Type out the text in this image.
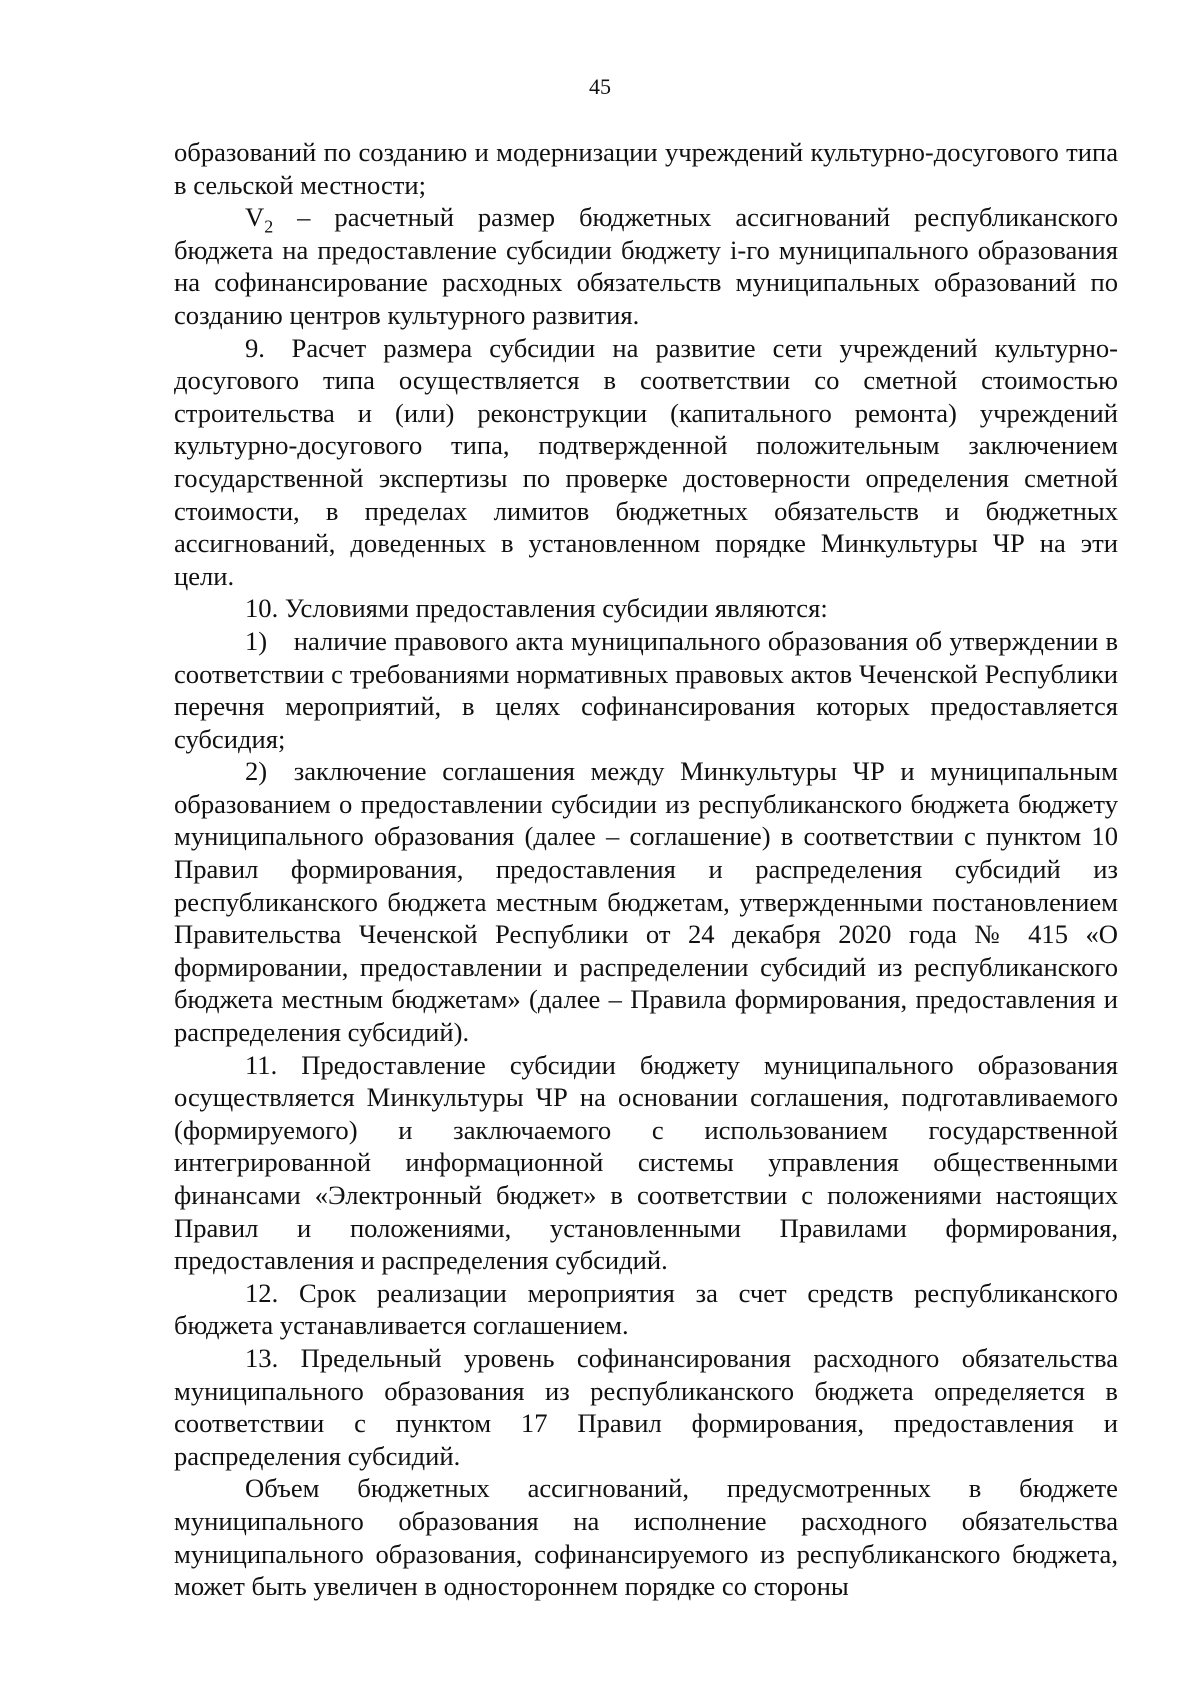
45

образований по созданию и модернизации учреждений культурно-досугового типа в сельской местности;

$V_2$ – расчетный размер бюджетных ассигнований республиканского бюджета на предоставление субсидии бюджету i-го муниципального образования на софинансирование расходных обязательств муниципальных образований по созданию центров культурного развития.

9. Расчет размера субсидии на развитие сети учреждений культурно-досугового типа осуществляется в соответствии со сметной стоимостью строительства и (или) реконструкции (капитального ремонта) учреждений культурно-досугового типа, подтвержденной положительным заключением государственной экспертизы по проверке достоверности определения сметной стоимости, в пределах лимитов бюджетных обязательств и бюджетных ассигнований, доведенных в установленном порядке Минкультуры ЧР на эти цели.

10. Условиями предоставления субсидии являются:

1) наличие правового акта муниципального образования об утверждении в соответствии с требованиями нормативных правовых актов Чеченской Республики перечня мероприятий, в целях софинансирования которых предоставляется субсидия;

2) заключение соглашения между Минкультуры ЧР и муниципальным образованием о предоставлении субсидии из республиканского бюджета бюджету муниципального образования (далее – соглашение) в соответствии с пунктом 10 Правил формирования, предоставления и распределения субсидий из республиканского бюджета местным бюджетам, утвержденными постановлением Правительства Чеченской Республики от 24 декабря 2020 года № 415 «О формировании, предоставлении и распределении субсидий из республиканского бюджета местным бюджетам» (далее – Правила формирования, предоставления и распределения субсидий).

11. Предоставление субсидии бюджету муниципального образования осуществляется Минкультуры ЧР на основании соглашения, подготавливаемого (формируемого) и заключаемого с использованием государственной интегрированной информационной системы управления общественными финансами «Электронный бюджет» в соответствии с положениями настоящих Правил и положениями, установленными Правилами формирования, предоставления и распределения субсидий.

12. Срок реализации мероприятия за счет средств республиканского бюджета устанавливается соглашением.

13. Предельный уровень софинансирования расходного обязательства муниципального образования из республиканского бюджета определяется в соответствии с пунктом 17 Правил формирования, предоставления и распределения субсидий.

Объем бюджетных ассигнований, предусмотренных в бюджете муниципального образования на исполнение расходного обязательства муниципального образования, софинансируемого из республиканского бюджета, может быть увеличен в одностороннем порядке со стороны
